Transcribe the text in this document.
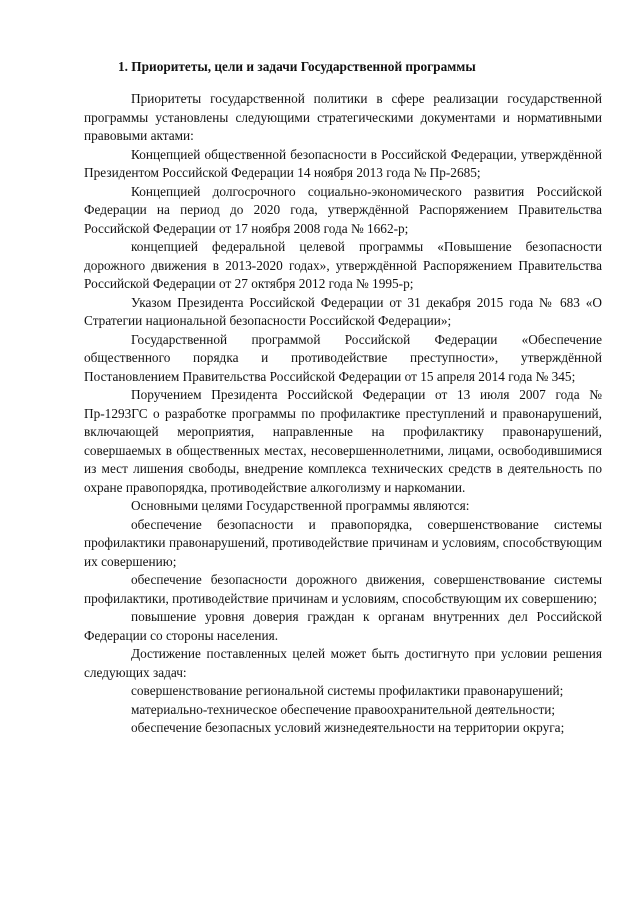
1. Приоритеты, цели и задачи Государственной программы

Приоритеты государственной политики в сфере реализации государственной программы установлены следующими стратегическими документами и нормативными правовыми актами:

Концепцией общественной безопасности в Российской Федерации, утверждённой Президентом Российской Федерации 14 ноября 2013 года № Пр-2685;

Концепцией долгосрочного социально-экономического развития Российской Федерации на период до 2020 года, утверждённой Распоряжением Правительства Российской Федерации от 17 ноября 2008 года № 1662-р;

концепцией федеральной целевой программы «Повышение безопасности дорожного движения в 2013-2020 годах», утверждённой Распоряжением Правительства Российской Федерации от 27 октября 2012 года № 1995-р;

Указом Президента Российской Федерации от 31 декабря 2015 года № 683 «О Стратегии национальной безопасности Российской Федерации»;

Государственной программой Российской Федерации «Обеспечение общественного порядка и противодействие преступности», утверждённой Постановлением Правительства Российской Федерации от 15 апреля 2014 года № 345;

Поручением Президента Российской Федерации от 13 июля 2007 года № Пр-1293ГС о разработке программы по профилактике преступлений и правонарушений, включающей мероприятия, направленные на профилактику правонарушений, совершаемых в общественных местах, несовершеннолетними, лицами, освободившимися из мест лишения свободы, внедрение комплекса технических средств в деятельность по охране правопорядка, противодействие алкоголизму и наркомании.

Основными целями Государственной программы являются:

обеспечение безопасности и правопорядка, совершенствование системы профилактики правонарушений, противодействие причинам и условиям, способствующим их совершению;

обеспечение безопасности дорожного движения, совершенствование системы профилактики, противодействие причинам и условиям, способствующим их совершению;

повышение уровня доверия граждан к органам внутренних дел Российской Федерации со стороны населения.

Достижение поставленных целей может быть достигнуто при условии решения следующих задач:

совершенствование региональной системы профилактики правонарушений;

материально-техническое обеспечение правоохранительной деятельности;

обеспечение безопасных условий жизнедеятельности на территории округа;
